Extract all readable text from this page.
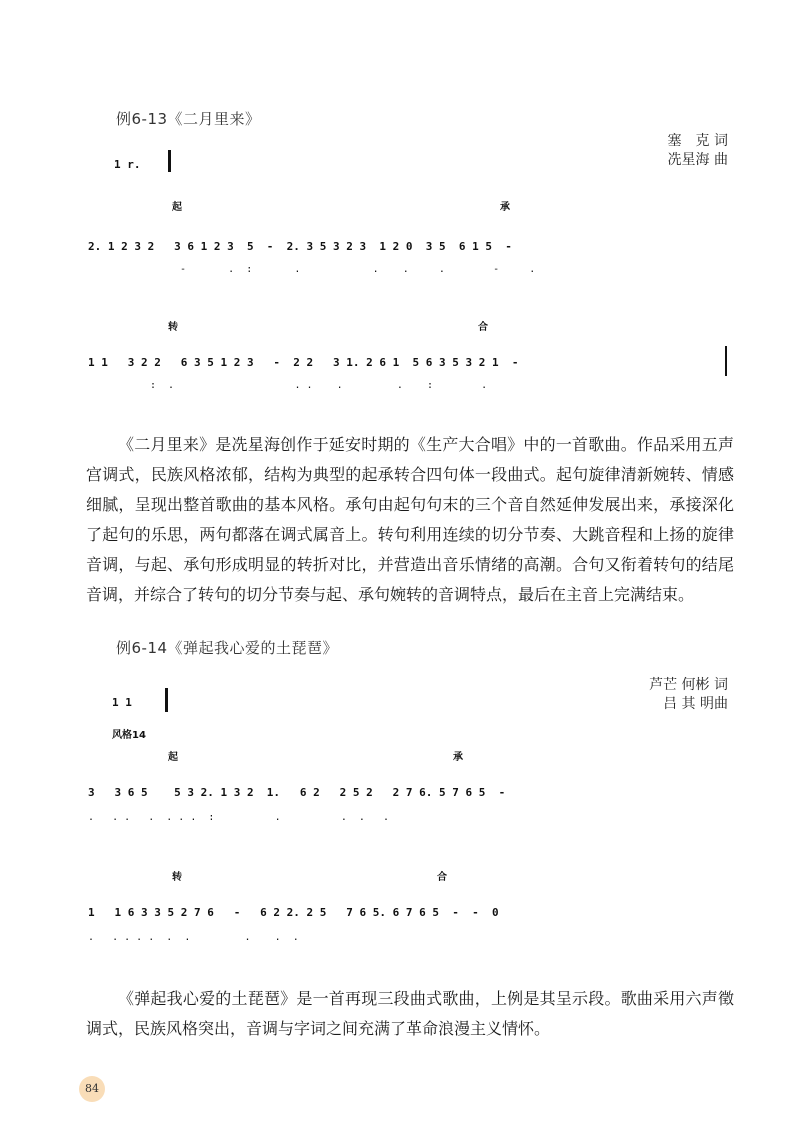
例6-13《二月里来》
塞　克 词
冼星海 曲
1 r.
起	承
2. 1 2 3 2   3 6 1 2 3  5  -  2. 3 5 3 2 3  1 2 0  3 5  6 1 5  -
-       .  :       .            .    .     .        -     .
转	合
1 1   3 2 2   6 3 5 1 2 3   -  2 2   3 1. 2 6 1  5 6 3 5 3 2 1  -
:  .                    . .    .         .    :        .
《二月里来》是冼星海创作于延安时期的《生产大合唱》中的一首歌曲。作品采用五声宫调式，民族风格浓郁，结构为典型的起承转合四句体一段曲式。起句旋律清新婉转、情感细腻，呈现出整首歌曲的基本风格。承句由起句句末的三个音自然延伸发展出来，承接深化了起句的乐思，两句都落在调式属音上。转句利用连续的切分节奏、大跳音程和上扬的旋律音调，与起、承句形成明显的转折对比，并营造出音乐情绪的高潮。合句又衔着转句的结尾音调，并综合了转句的切分节奏与起、承句婉转的音调特点，最后在主音上完满结束。
例6-14《弹起我心爱的土琵琶》
芦芒 何彬 词
吕 其 明曲
1 1
风格14
起	承
3   3 6 5    5 3 2. 1 3 2  1.   6 2   2 5 2   2 7 6. 5 7 6 5  -
.   . .   .  . . .  :          .          .  .   .
转	合
1   1 6 3 3 5 2 7 6   -   6 2 2. 2 5   7 6 5. 6 7 6 5  -  -  0
.   . . . .  .  .         .    .  .
《弹起我心爱的土琵琶》是一首再现三段曲式歌曲，上例是其呈示段。歌曲采用六声徵调式，民族风格突出，音调与字词之间充满了革命浪漫主义情怀。
84
